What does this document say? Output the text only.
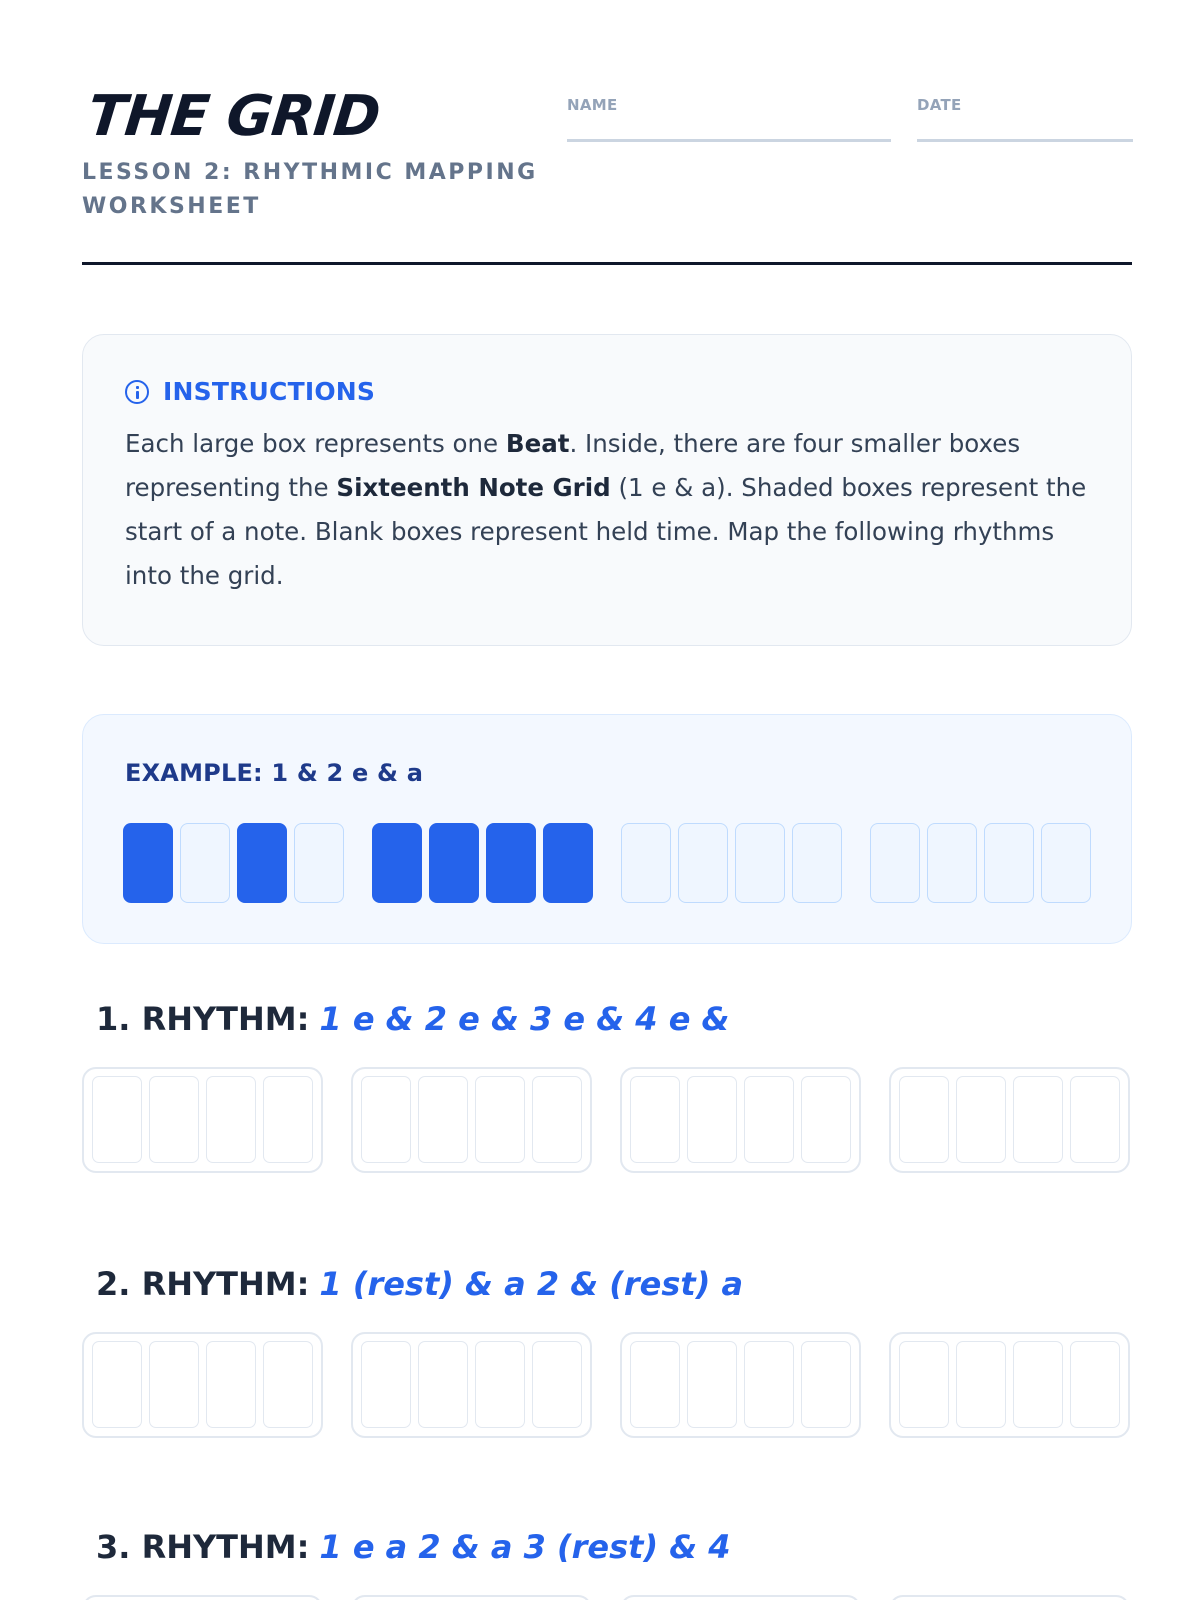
THE GRID
LESSON 2: RHYTHMIC MAPPING WORKSHEET
NAME	DATE
INSTRUCTIONS

Each large box represents one Beat. Inside, there are four smaller boxes representing the Sixteenth Note Grid (1 e & a). Shaded boxes represent the start of a note. Blank boxes represent held time. Map the following rhythms into the grid.

EXAMPLE: 1 & 2 e & a
1. RHYTHM: 1 e & 2 e & 3 e & 4 e &
2. RHYTHM: 1 (rest) & a 2 & (rest) a
3. RHYTHM: 1 e a 2 & a 3 (rest) & 4
